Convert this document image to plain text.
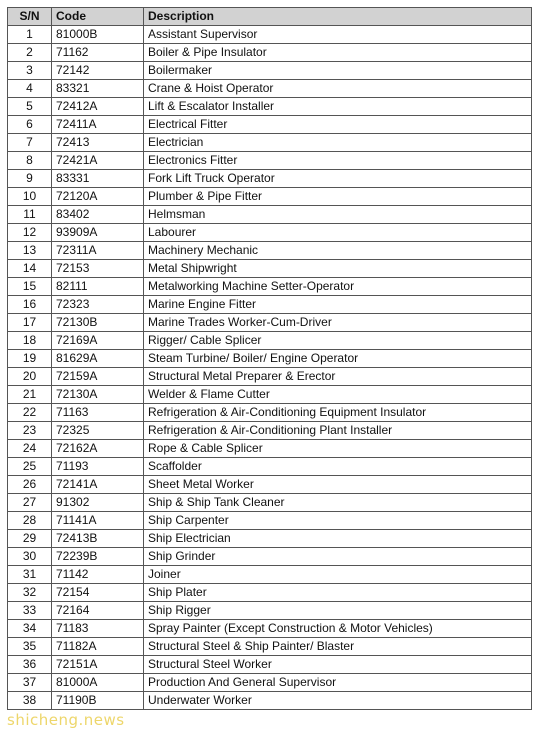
S/N	Code	Description
1	81000B	Assistant Supervisor
2	71162	Boiler & Pipe Insulator
3	72142	Boilermaker
4	83321	Crane & Hoist Operator
5	72412A	Lift & Escalator Installer
6	72411A	Electrical Fitter
7	72413	Electrician
8	72421A	Electronics Fitter
9	83331	Fork Lift Truck Operator
10	72120A	Plumber & Pipe Fitter
11	83402	Helmsman
12	93909A	Labourer
13	72311A	Machinery Mechanic
14	72153	Metal Shipwright
15	82111	Metalworking Machine Setter-Operator
16	72323	Marine Engine Fitter
17	72130B	Marine Trades Worker-Cum-Driver
18	72169A	Rigger/ Cable Splicer
19	81629A	Steam Turbine/ Boiler/ Engine Operator
20	72159A	Structural Metal Preparer & Erector
21	72130A	Welder & Flame Cutter
22	71163	Refrigeration & Air-Conditioning Equipment Insulator
23	72325	Refrigeration & Air-Conditioning Plant Installer
24	72162A	Rope & Cable Splicer
25	71193	Scaffolder
26	72141A	Sheet Metal Worker
27	91302	Ship & Ship Tank Cleaner
28	71141A	Ship Carpenter
29	72413B	Ship Electrician
30	72239B	Ship Grinder
31	71142	Joiner
32	72154	Ship Plater
33	72164	Ship Rigger
34	71183	Spray Painter (Except Construction & Motor Vehicles)
35	71182A	Structural Steel & Ship Painter/ Blaster
36	72151A	Structural Steel Worker
37	81000A	Production And General Supervisor
38	71190B	Underwater Worker
shicheng.news
